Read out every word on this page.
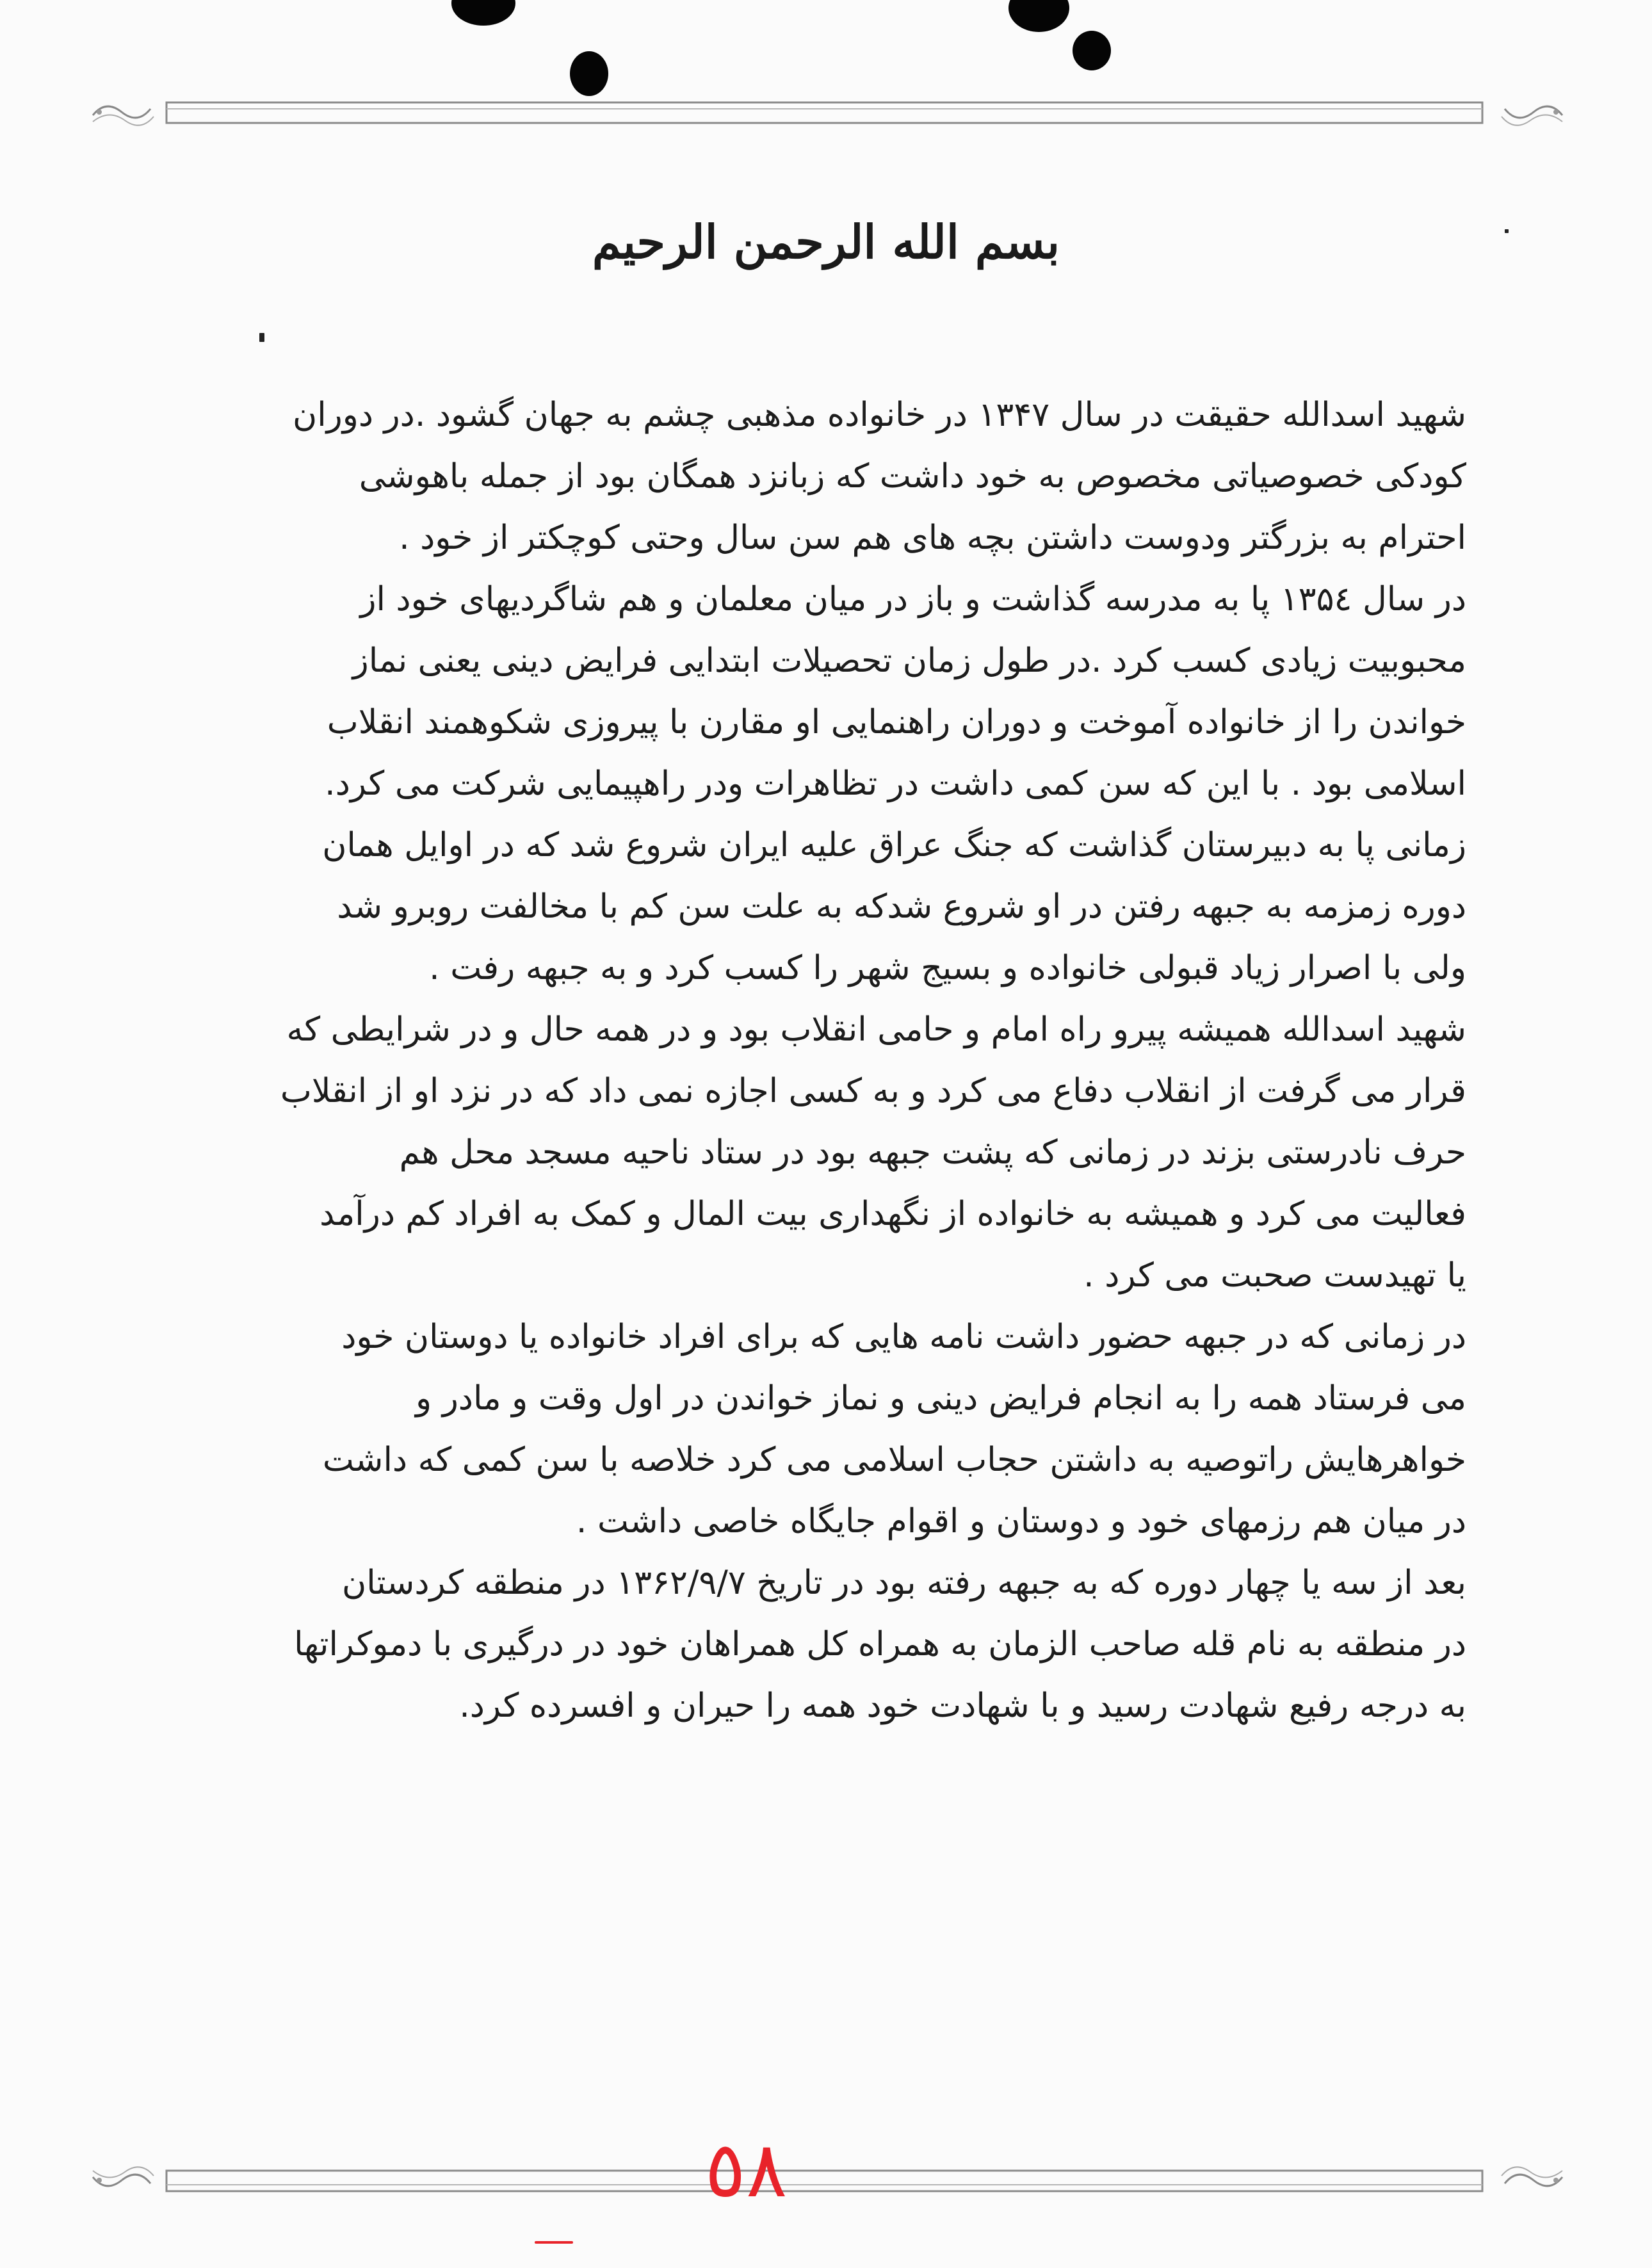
بسم الله الرحمن الرحیم
شهید اسدالله حقیقت در سال ۱۳۴۷ در خانواده مذهبی چشم به جهان گشود .در دوران
کودکی خصوصیاتی مخصوص به خود داشت که زبانزد همگان بود از جمله باهوشی
احترام به بزرگتر ودوست داشتن بچه های هم سن سال وحتی کوچکتر از خود .
در سال ۱۳۵٤ پا به مدرسه گذاشت و باز در میان معلمان و هم شاگردیهای خود از
محبوبیت زیادی کسب کرد .در طول زمان تحصیلات ابتدایی فرایض دینی یعنی نماز
خواندن را از خانواده آموخت و دوران راهنمایی او مقارن با پیروزی شکوهمند انقلاب
اسلامی بود . با این که سن کمی داشت در تظاهرات ودر راهپیمایی شرکت می کرد.
زمانی پا به دبیرستان گذاشت که جنگ عراق علیه ایران شروع شد که در اوایل همان
دوره زمزمه به جبهه رفتن در او شروع شدکه به علت سن کم با مخالفت روبرو شد
ولی با اصرار زیاد قبولی خانواده و بسیج شهر را کسب کرد و به جبهه رفت .
شهید اسدالله همیشه پیرو راه امام و حامی انقلاب بود و در همه حال و در شرایطی که
قرار می گرفت از انقلاب دفاع می کرد و به کسی اجازه نمی داد که در نزد او از انقلاب
حرف نادرستی بزند در زمانی که پشت جبهه بود در ستاد ناحیه مسجد محل هم
فعالیت می کرد و همیشه به خانواده از نگهداری بیت المال و کمک به افراد کم درآمد
یا تهیدست صحبت می کرد .
در زمانی که در جبهه حضور داشت نامه هایی که برای افراد خانواده یا دوستان خود
می فرستاد همه را به انجام فرایض دینی و نماز خواندن در اول وقت و مادر و
خواهرهایش راتوصیه به داشتن حجاب اسلامی می کرد خلاصه با سن کمی که داشت
در میان هم رزمهای خود و دوستان و اقوام جایگاه خاصی داشت .
بعد از سه یا چهار دوره که به جبهه رفته بود در تاریخ ۱۳۶۲/۹/۷ در منطقه کردستان
در منطقه به نام قله صاحب الزمان به همراه کل همراهان خود در درگیری با دموکراتها
به درجه رفیع شهادت رسید و با شهادت خود همه را حیران و افسرده کرد.
٥٨
